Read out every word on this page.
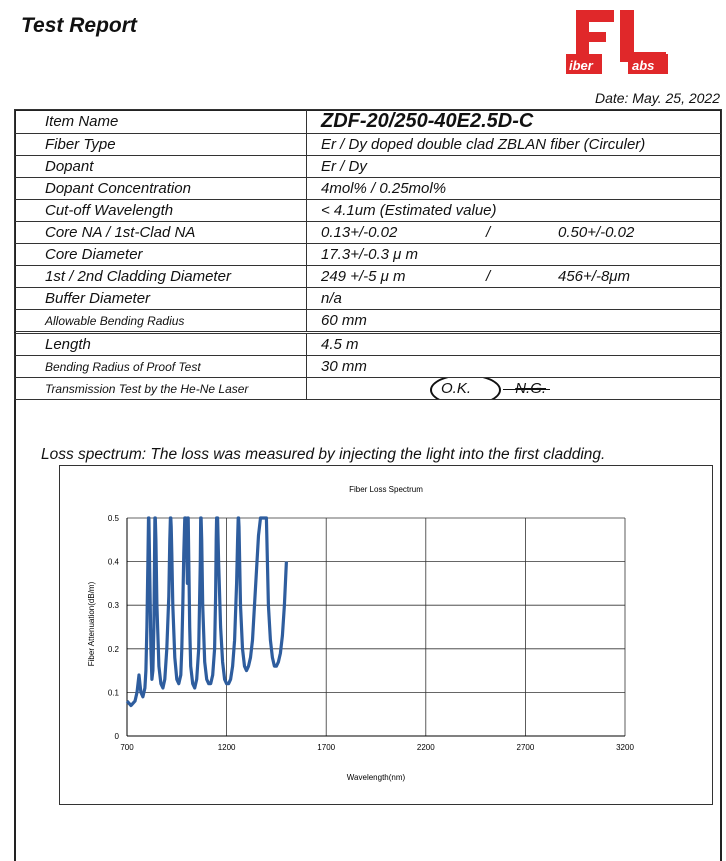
Test Report
iber	abs
Date: May. 25, 2022
Item Name	ZDF-20/250-40E2.5D-C
Fiber Type	Er / Dy doped double clad ZBLAN fiber (Circuler)
Dopant	Er / Dy
Dopant Concentration	4mol% / 0.25mol%
Cut-off Wavelength	< 4.1um (Estimated value)
Core NA / 1st-Clad NA	0.13+/-0.02 / 0.50+/-0.02

Core Diameter	17.3+/-0.3 μ m
1st / 2nd Cladding Diameter	249 +/-5 μ m / 456+/-8μm

Buffer Diameter	n/a
Allowable Bending Radius	60 mm
Length	4.5 m
Bending Radius of Proof Test	30 mm
Transmission Test by the He-Ne Laser	O.K. N.G.
Loss spectrum: The loss was measured by injecting the light into the first cladding.
Fiber Loss Spectrum
700	1200	1700	2200	2700	3200
0
0.1
0.2
0.3
0.4
0.5
Wavelength(nm)
Fiber Attenuation(dB/m)
